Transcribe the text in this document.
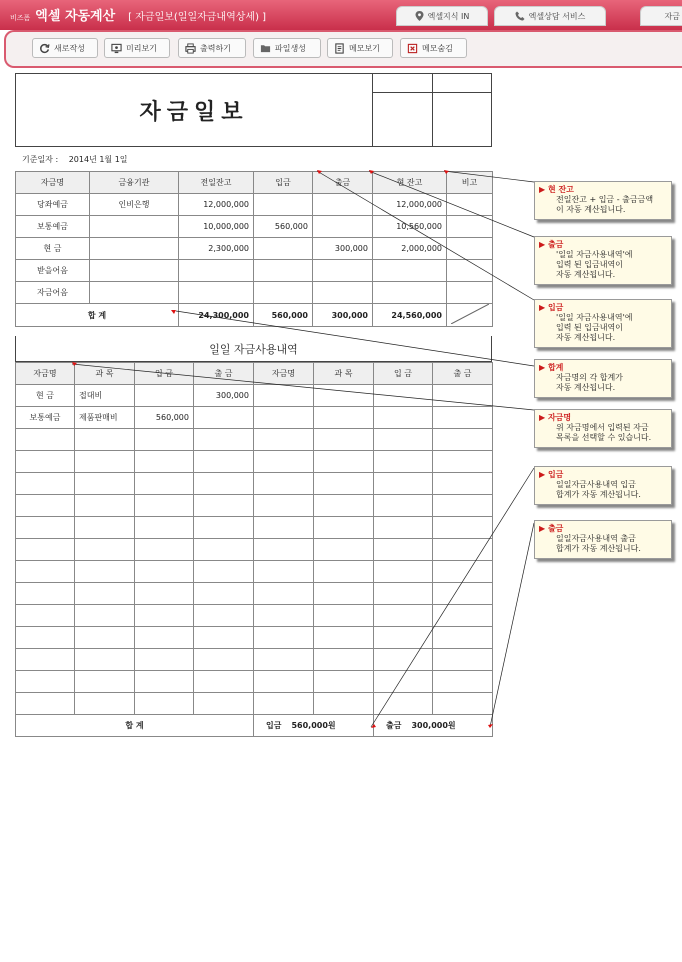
비즈폼 엑셀 자동계산 [ 자금일보(일일자금내역상세) ]	엑셀지식 IN	엑셀상담 서비스	자금
새로작성	미리보기	출력하기	파일생성	메모보기	메모숨김
자금일보
기준일자 : 2014년 1월 1일
자금명	금융기관	전일잔고	입금	출금	현 잔고	비고
당좌예금	인비은행	12,000,000			12,000,000	
보통예금		10,000,000	560,000		10,560,000	
현 금		2,300,000		300,000	2,000,000	
받을어음						
자금어음						
합 계		24,300,000	560,000	300,000	24,560,000	
일일 자금사용내역
자금명	과 목	입 금	출 금	자금명	과 목	입 금	출 금
현 금	접대비		300,000				
보통예금	제품판매비	560,000					

합 계				입금 560,000원		출금 300,000원	
▶ 현 잔고
전일잔고 + 입금 - 출금금액
이 자동 계산됩니다.
▶ 출금
'일일 자금사용내역'에
입력 된 입금내역이
자동 계산됩니다.
▶ 입금
'일일 자금사용내역'에
입력 된 입금내역이
자동 계산됩니다.
▶ 합계
자금명의 각 합계가
자동 계산됩니다.
▶ 자금명
위 자금명에서 입력된 자금
목록을 선택할 수 있습니다.
▶ 입금
일일자금사용내역 입금
합계가 자동 계산됩니다.
▶ 출금
일일자금사용내역 출금
합계가 자동 계산됩니다.
